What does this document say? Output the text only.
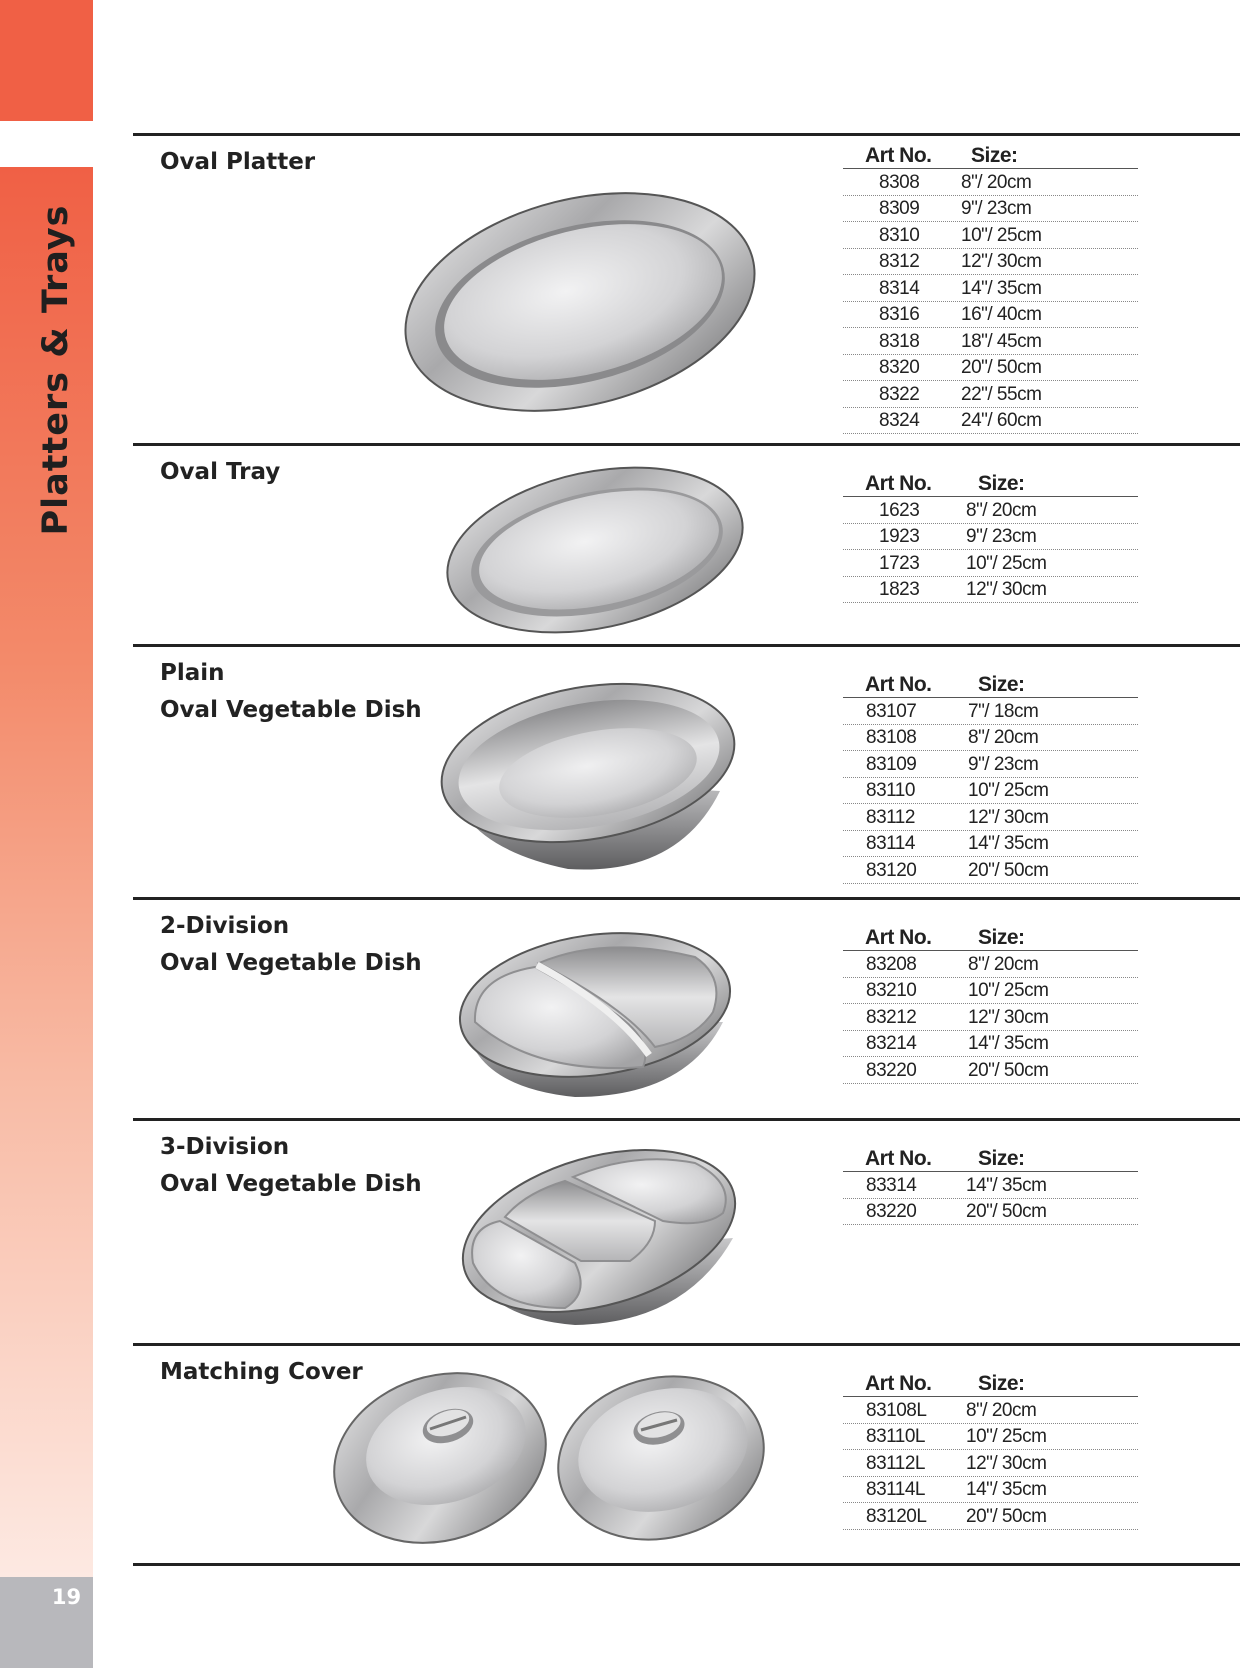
Platters & Trays
19
Oval Platter	Art No. Size:
8308 8"/ 20cm
8309 9"/ 23cm
8310 10"/ 25cm
8312 12"/ 30cm
8314 14"/ 35cm
8316 16"/ 40cm
8318 18"/ 45cm
8320 20"/ 50cm
8322 22"/ 55cm
8324 24"/ 60cm
Oval Tray	Art No. Size:
1623 8"/ 20cm
1923 9"/ 23cm
1723 10"/ 25cm
1823 12"/ 30cm
Plain
Oval Vegetable Dish
Art No. Size:
83107	7"/ 18cm
83108	8"/ 20cm
83109	9"/ 23cm
83110	10"/ 25cm
83112	12"/ 30cm
83114	14"/ 35cm
83120	20"/ 50cm
2-Division
Oval Vegetable Dish
Art No. Size:
83208	8"/ 20cm
83210	10"/ 25cm
83212	12"/ 30cm
83214	14"/ 35cm
83220	20"/ 50cm
3-Division
Oval Vegetable Dish
Art No. Size:
83314	14"/ 35cm
83220	20"/ 50cm
Matching Cover	Art No. Size:
83108L 8"/ 20cm
83110L 10"/ 25cm
83112L 12"/ 30cm
83114L 14"/ 35cm
83120L 20"/ 50cm
